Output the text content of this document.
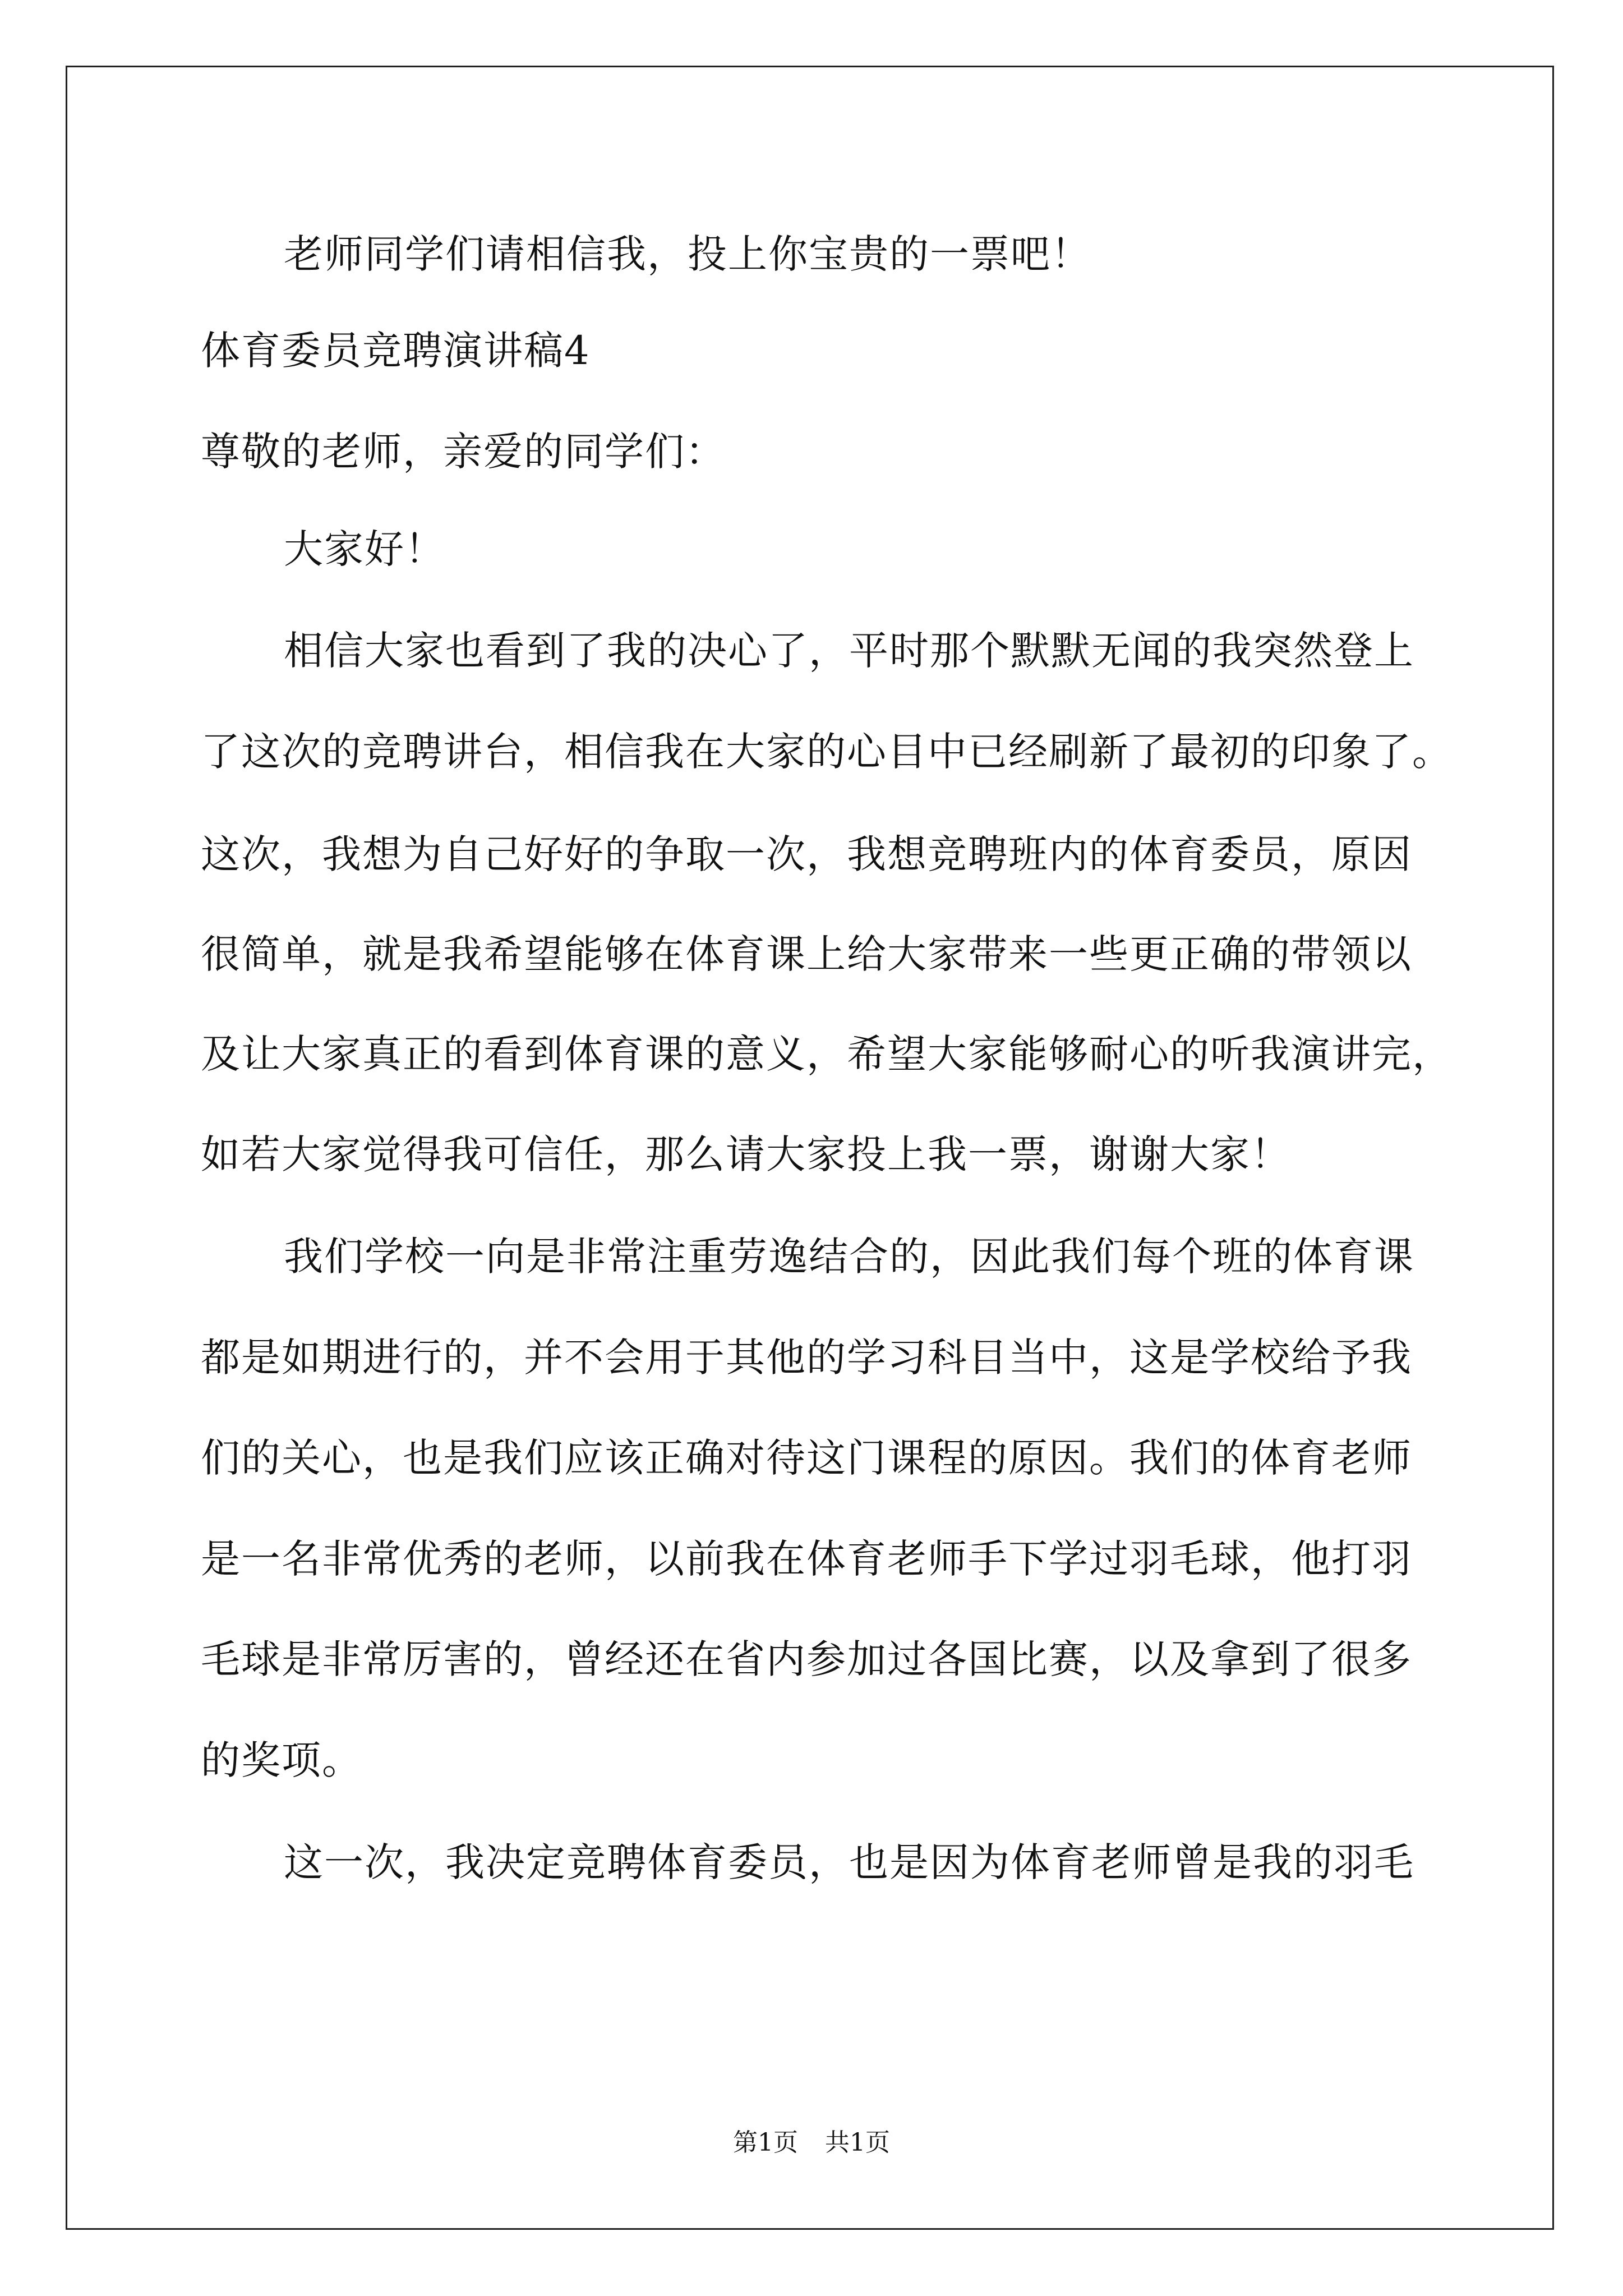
老师同学们请相信我，投上你宝贵的一票吧！
体育委员竞聘演讲稿4
尊敬的老师，亲爱的同学们：
大家好！
相信大家也看到了我的决心了，平时那个默默无闻的我突然登上
了这次的竞聘讲台，相信我在大家的心目中已经刷新了最初的印象了。
这次，我想为自己好好的争取一次，我想竞聘班内的体育委员，原因
很简单，就是我希望能够在体育课上给大家带来一些更正确的带领以
及让大家真正的看到体育课的意义，希望大家能够耐心的听我演讲完，
如若大家觉得我可信任，那么请大家投上我一票，谢谢大家！
我们学校一向是非常注重劳逸结合的，因此我们每个班的体育课
都是如期进行的，并不会用于其他的学习科目当中，这是学校给予我
们的关心，也是我们应该正确对待这门课程的原因。我们的体育老师
是一名非常优秀的老师，以前我在体育老师手下学过羽毛球，他打羽
毛球是非常厉害的，曾经还在省内参加过各国比赛，以及拿到了很多
的奖项。
这一次，我决定竞聘体育委员，也是因为体育老师曾是我的羽毛
第1页 共1页
